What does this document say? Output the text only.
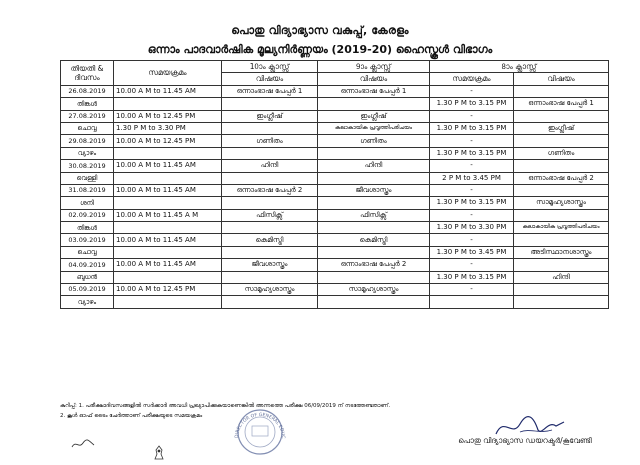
പൊതു വിദ്യാഭ്യാസ വകുപ്പ്, കേരളം
ഒന്നാം പാദവാർഷിക മൂല്യനിർണ്ണയം (2019-20) ഹൈസ്കൂൾ വിഭാഗം
തിയതി & ദിവസം	സമയക്രമം	10ാം ക്ലാസ്സ്	9ാം ക്ലാസ്സ്	8ാം ക്ലാസ്സ്	
		വിഷയം	വിഷയം	സമയക്രമം	വിഷയം
26.08.2019	10.00 A M to 11.45 AM	ഒന്നാംഭാഷ പേപ്പർ 1	ഒന്നാംഭാഷ പേപ്പർ 1	-	
തിങ്കൾ				1.30 P M to 3.15 PM	ഒന്നാംഭാഷ പേപ്പർ 1
27.08.2019	10.00 A M to 12.45 PM	ഇംഗ്ലീഷ്	ഇംഗ്ലീഷ്	-	
ചൊവ്വ	1.30 P M to 3.30 PM		കലാകായിക പ്രവൃത്തിപരിചയം	1.30 P M to 3.15 PM	ഇംഗ്ലീഷ്
29.08.2019	10.00 A M to 12.45 PM	ഗണിതം	ഗണിതം	-	
വ്യാഴം				1.30 P M to 3.15 PM	ഗണിതം
30.08.2019	10.00 A M to 11.45 AM	ഹിന്ദി	ഹിന്ദി	-	
വെള്ളി				2 P M to 3.45 PM	ഒന്നാംഭാഷ പേപ്പർ 2
31.08.2019	10.00 A M to 11.45 AM	ഒന്നാംഭാഷ പേപ്പർ 2	ജീവശാസ്ത്രം	-	
ശനി				1.30 P M to 3.15 PM	സാമൂഹ്യശാസ്ത്രം
02.09.2019	10.00 A M to 11.45 A M	ഫിസിക്സ്	ഫിസിക്സ്	-	
തിങ്കൾ				1.30 P M to 3.30 PM	കലാകായിക പ്രവൃത്തിപരിചയം
03.09.2019	10.00 A M to 11.45 AM	കെമിസ്ട്രി	കെമിസ്ട്രി	-	
ചൊവ്വ				1.30 P M to 3.45 PM	അടിസ്ഥാനശാസ്ത്രം
04.09.2019	10.00 A M to 11.45 AM	ജീവശാസ്ത്രം	ഒന്നാംഭാഷ പേപ്പർ 2	-	
ബുധൻ				1.30 P M to 3.15 PM	ഹിന്ദി
05.09.2019	10.00 A M to 12.45 PM	സാമൂഹ്യശാസ്ത്രം	സാമൂഹ്യശാസ്ത്രം	-	
വ്യാഴം					
കുറിപ്പ്: 1. പരീക്ഷാദിവസങ്ങളിൽ സർക്കാർ അവധി പ്രഖ്യാപിക്കുകയാണെങ്കിൽ അന്നത്തെ പരീക്ഷ 06/09/2019 ന് നടത്തേണ്ടതാണ്.
2. കൂൾ ഓഫ് ടൈം ചേർത്താണ് പരീക്ഷയുടെ സമയക്രമം
DIRECTOR OF GENERAL EDUC	പൊതു വിദ്യാഭ്യാസ ഡയറക്ടർ/കൂവേണ്ടി
